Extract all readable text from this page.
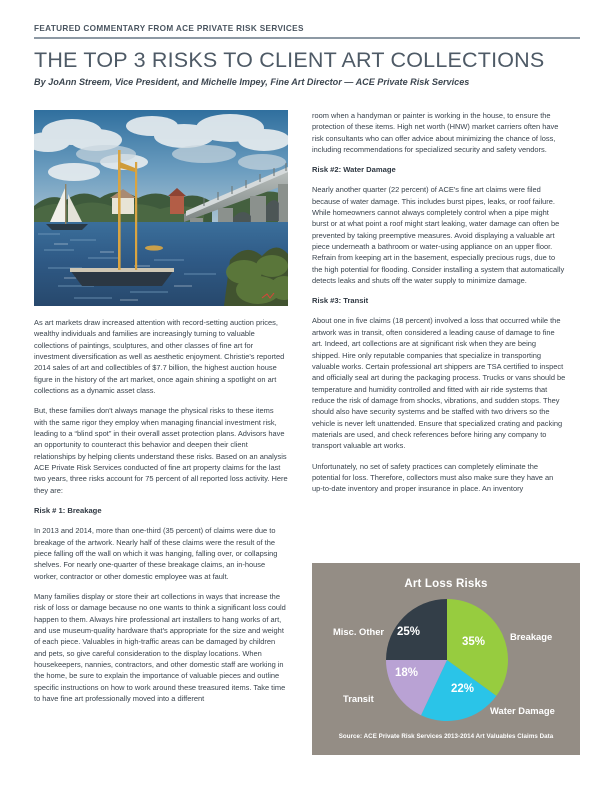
FEATURED COMMENTARY FROM ACE PRIVATE RISK SERVICES
THE TOP 3 RISKS TO CLIENT ART COLLECTIONS
By JoAnn Streem, Vice President, and Michelle Impey, Fine Art Director — ACE Private Risk Services

As art markets draw increased attention with record-setting auction prices, wealthy individuals and families are increasingly turning to valuable collections of paintings, sculptures, and other classes of fine art for investment diversification as well as aesthetic enjoyment. Christie's reported 2014 sales of art and collectibles of $7.7 billion, the highest auction house figure in the history of the art market, once again shining a spotlight on art collections as a dynamic asset class.

But, these families don't always manage the physical risks to these items with the same rigor they employ when managing financial investment risk, leading to a “blind spot” in their overall asset protection plans. Advisors have an opportunity to counteract this behavior and deepen their client relationships by helping clients understand these risks. Based on an analysis ACE Private Risk Services conducted of fine art property claims for the last two years, three risks account for 75 percent of all reported loss activity. Here they are:

Risk # 1: Breakage

In 2013 and 2014, more than one-third (35 percent) of claims were due to breakage of the artwork. Nearly half of these claims were the result of the piece falling off the wall on which it was hanging, falling over, or collapsing shelves. For nearly one-quarter of these breakage claims, an in-house worker, contractor or other domestic employee was at fault.

Many families display or store their art collections in ways that increase the risk of loss or damage because no one wants to think a significant loss could happen to them. Always hire professional art installers to hang works of art, and use museum-quality hardware that's appropriate for the size and weight of each piece. Valuables in high-traffic areas can be damaged by children and pets, so give careful consideration to the display locations. When housekeepers, nannies, contractors, and other domestic staff are working in the home, be sure to explain the importance of valuable pieces and outline specific instructions on how to work around these treasured items. Take time to have fine art professionally moved into a different

room when a handyman or painter is working in the house, to ensure the protection of these items. High net worth (HNW) market carriers often have risk consultants who can offer advice about minimizing the chance of loss, including recommendations for specialized security and safety vendors.

Risk #2: Water Damage

Nearly another quarter (22 percent) of ACE's fine art claims were filed because of water damage. This includes burst pipes, leaks, or roof failure. While homeowners cannot always completely control when a pipe might burst or at what point a roof might start leaking, water damage can often be prevented by taking preemptive measures. Avoid displaying a valuable art piece underneath a bathroom or water-using appliance on an upper floor. Refrain from keeping art in the basement, especially precious rugs, due to the high potential for flooding. Consider installing a system that automatically detects leaks and shuts off the water supply to minimize damage.

Risk #3: Transit

About one in five claims (18 percent) involved a loss that occurred while the artwork was in transit, often considered a leading cause of damage to fine art. Indeed, art collections are at significant risk when they are being shipped. Hire only reputable companies that specialize in transporting valuable works. Certain professional art shippers are TSA certified to inspect and officially seal art during the packaging process. Trucks or vans should be temperature and humidity controlled and fitted with air ride systems that reduce the risk of damage from shocks, vibrations, and sudden stops. They should also have security systems and be staffed with two drivers so the vehicle is never left unattended. Ensure that specialized crating and packing materials are used, and check references before hiring any company to transport valuable art works.

Unfortunately, no set of safety practices can completely eliminate the potential for loss. Therefore, collectors must also make sure they have an up-to-date inventory and proper insurance in place. An inventory

Art Loss Risks
35%
22%
18%
25%	Breakage
Water Damage
Transit
Misc. Other
Source: ACE Private Risk Services 2013-2014 Art Valuables Claims Data
